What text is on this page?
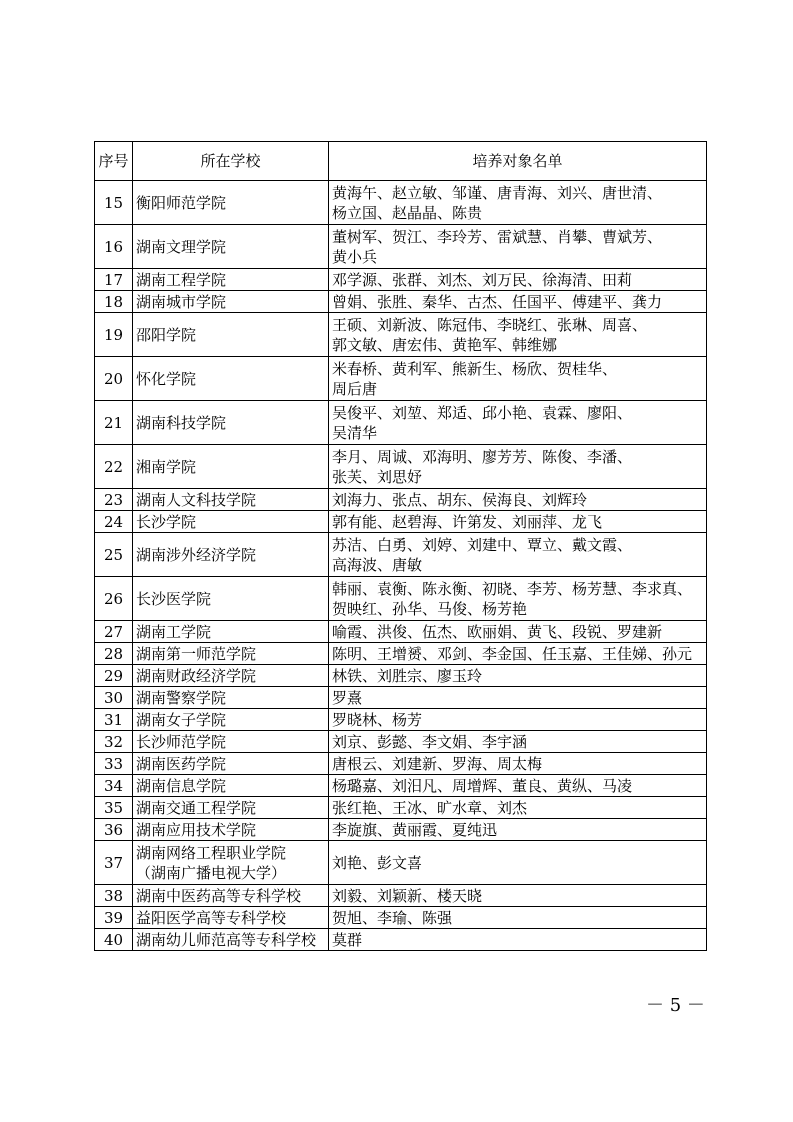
序号	所在学校	培养对象名单
15	衡阳师范学院	黄海午、赵立敏、邹谨、唐青海、刘兴、唐世清、
杨立国、赵晶晶、陈贵
16	湖南文理学院	董树军、贺江、李玲芳、雷斌慧、肖攀、曹斌芳、
黄小兵
17	湖南工程学院	邓学源、张群、刘杰、刘万民、徐海清、田莉
18	湖南城市学院	曾娟、张胜、秦华、古杰、任国平、傅建平、龚力
19	邵阳学院	王硕、刘新波、陈冠伟、李晓红、张琳、周喜、
郭文敏、唐宏伟、黄艳军、韩维娜
20	怀化学院	米春桥、黄利军、熊新生、杨欣、贺桂华、
周后唐
21	湖南科技学院	吴俊平、刘堃、郑适、邱小艳、袁霖、廖阳、
吴清华
22	湘南学院	李月、周诚、邓海明、廖芳芳、陈俊、李潘、
张芙、刘思妤
23	湖南人文科技学院	刘海力、张点、胡东、侯海良、刘辉玲
24	长沙学院	郭有能、赵碧海、许第发、刘丽萍、龙飞
25	湖南涉外经济学院	苏洁、白勇、刘婷、刘建中、覃立、戴文霞、
高海波、唐敏
26	长沙医学院	韩丽、袁衡、陈永衡、初晓、李芳、杨芳慧、李求真、
贺映红、孙华、马俊、杨芳艳
27	湖南工学院	喻霞、洪俊、伍杰、欧丽娟、黄飞、段锐、罗建新
28	湖南第一师范学院	陈明、王增赟、邓剑、李金国、任玉嘉、王佳娣、孙元
29	湖南财政经济学院	林铁、刘胜宗、廖玉玲
30	湖南警察学院	罗熹
31	湖南女子学院	罗晓林、杨芳
32	长沙师范学院	刘京、彭懿、李文娟、李宇涵
33	湖南医药学院	唐根云、刘建新、罗海、周太梅
34	湖南信息学院	杨璐嘉、刘汨凡、周增辉、董良、黄纵、马凌
35	湖南交通工程学院	张红艳、王冰、旷水章、刘杰
36	湖南应用技术学院	李旋旗、黄丽霞、夏纯迅
37	湖南网络工程职业学院
（湖南广播电视大学）	刘艳、彭文喜
38	湖南中医药高等专科学校	刘毅、刘颖新、楼天晓
39	益阳医学高等专科学校	贺旭、李瑜、陈强
40	湖南幼儿师范高等专科学校	莫群
－ 5 －
